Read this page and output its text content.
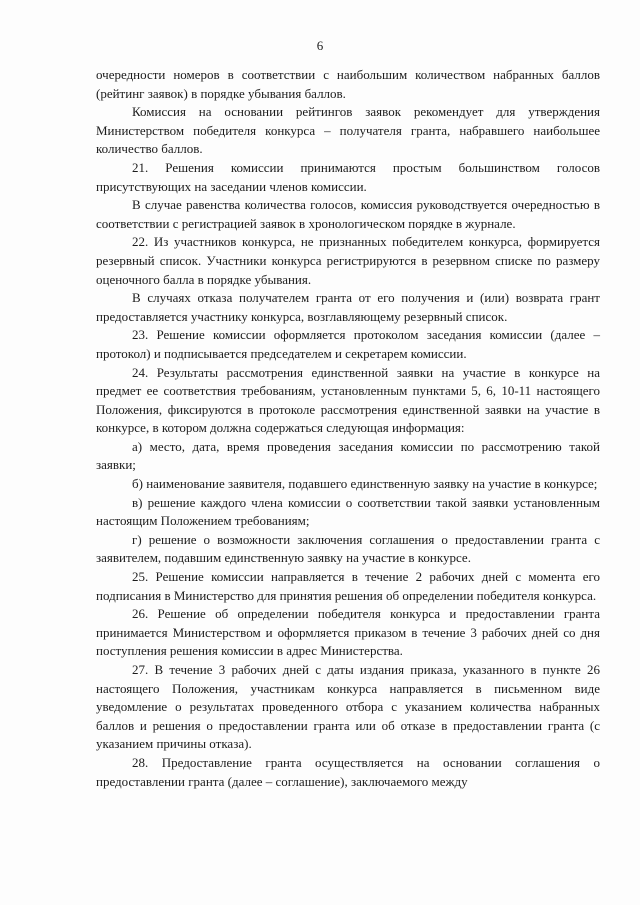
6

очередности номеров в соответствии с наибольшим количеством набранных баллов (рейтинг заявок) в порядке убывания баллов.

Комиссия на основании рейтингов заявок рекомендует для утверждения Министерством победителя конкурса – получателя гранта, набравшего наибольшее количество баллов.

21. Решения комиссии принимаются простым большинством голосов присутствующих на заседании членов комиссии.

В случае равенства количества голосов, комиссия руководствуется очередностью в соответствии с регистрацией заявок в хронологическом порядке в журнале.

22. Из участников конкурса, не признанных победителем конкурса, формируется резервный список. Участники конкурса регистрируются в резервном списке по размеру оценочного балла в порядке убывания.

В случаях отказа получателем гранта от его получения и (или) возврата грант предоставляется участнику конкурса, возглавляющему резервный список.

23. Решение комиссии оформляется протоколом заседания комиссии (далее – протокол) и подписывается председателем и секретарем комиссии.

24. Результаты рассмотрения единственной заявки на участие в конкурсе на предмет ее соответствия требованиям, установленным пунктами 5, 6, 10-11 настоящего Положения, фиксируются в протоколе рассмотрения единственной заявки на участие в конкурсе, в котором должна содержаться следующая информация:

а) место, дата, время проведения заседания комиссии по рассмотрению такой заявки;

б) наименование заявителя, подавшего единственную заявку на участие в конкурсе;

в) решение каждого члена комиссии о соответствии такой заявки установленным настоящим Положением требованиям;

г) решение о возможности заключения соглашения о предоставлении гранта с заявителем, подавшим единственную заявку на участие в конкурсе.

25. Решение комиссии направляется в течение 2 рабочих дней с момента его подписания в Министерство для принятия решения об определении победителя конкурса.

26. Решение об определении победителя конкурса и предоставлении гранта принимается Министерством и оформляется приказом в течение 3 рабочих дней со дня поступления решения комиссии в адрес Министерства.

27. В течение 3 рабочих дней с даты издания приказа, указанного в пункте 26 настоящего Положения, участникам конкурса направляется в письменном виде уведомление о результатах проведенного отбора с указанием количества набранных баллов и решения о предоставлении гранта или об отказе в предоставлении гранта (с указанием причины отказа).

28. Предоставление гранта осуществляется на основании соглашения о предоставлении гранта (далее – соглашение), заключаемого между
